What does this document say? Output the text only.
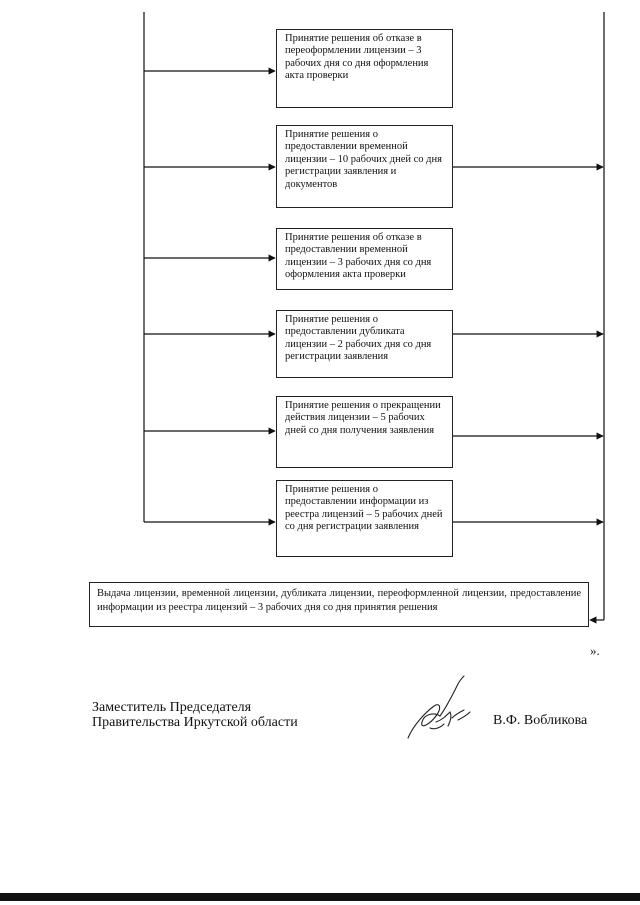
Принятие решения об отказе в переоформлении лицензии – 3 рабочих дня со дня оформления акта проверки
Принятие решения о предоставлении временной лицензии – 10 рабочих дней со дня регистрации заявления и документов
Принятие решения об отказе в предоставлении временной лицензии – 3 рабочих дня со дня оформления акта проверки
Принятие решения о предоставлении дубликата лицензии – 2 рабочих дня со дня регистрации заявления
Принятие решения о прекращении действия лицензии – 5 рабочих дней со дня получения заявления
Принятие решения о предоставлении информации из реестра лицензий – 5 рабочих дней со дня регистрации заявления
Выдача лицензии, временной лицензии, дубликата лицензии, переоформленной лицензии, предоставление информации из реестра лицензий – 3 рабочих дня со дня принятия решения
».
Заместитель Председателя
Правительства Иркутской области	В.Ф. Вобликова
